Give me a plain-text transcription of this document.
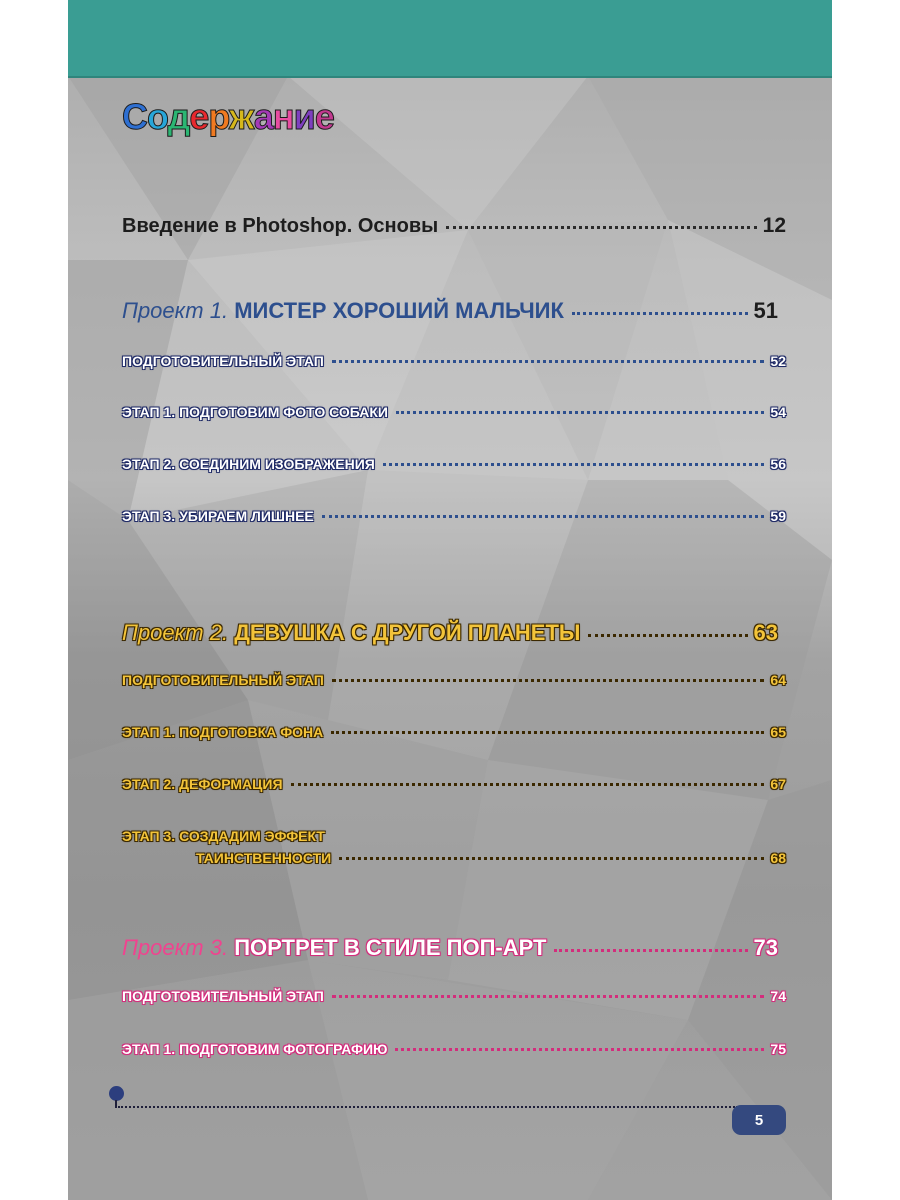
Содержание
Введение в Photoshop. Основы	12
Проект 1. МИСТЕР ХОРОШИЙ МАЛЬЧИК	51
ПОДГОТОВИТЕЛЬНЫЙ ЭТАП	52
ЭТАП 1. ПОДГОТОВИМ ФОТО СОБАКИ	54
ЭТАП 2. СОЕДИНИМ ИЗОБРАЖЕНИЯ	56
ЭТАП 3. УБИРАЕМ ЛИШНЕЕ	59
Проект 2. ДЕВУШКА С ДРУГОЙ ПЛАНЕТЫ	63
ПОДГОТОВИТЕЛЬНЫЙ ЭТАП	64
ЭТАП 1. ПОДГОТОВКА ФОНА	65
ЭТАП 2. ДЕФОРМАЦИЯ	67
ЭТАП 3. СОЗДАДИМ ЭФФЕКТ
ТАИНСТВЕННОСТИ	68
Проект 3. ПОРТРЕТ В СТИЛЕ ПОП-АРТ	73
ПОДГОТОВИТЕЛЬНЫЙ ЭТАП	74
ЭТАП 1. ПОДГОТОВИМ ФОТОГРАФИЮ	75
5
